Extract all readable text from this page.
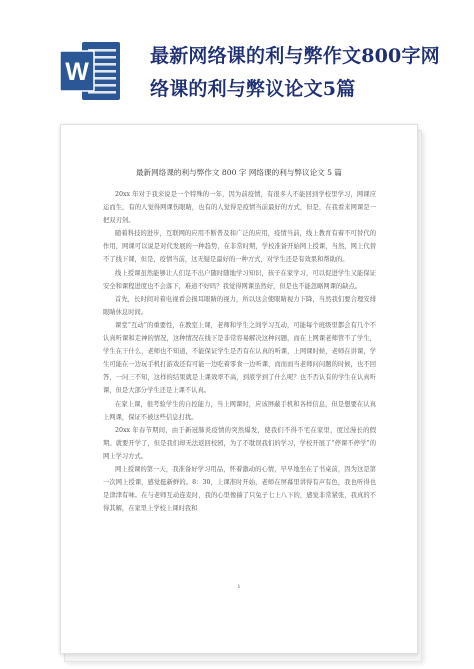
W
最新网络课的利与弊作文800字网络课的利与弊议论文5篇
最新网络课的利与弊作文 800 字 网络课的利与弊议论文 5 篇

20xx 年对于我来说是一个特殊的一年，因为前疫情，有很多人不能回到学校里学习，网课应运而生，有的人觉得网课伤眼睛，也有的人觉得是疫情当前最好的方式，但是，在我看来网课是一把双刃剑。

随着科技的进步，互联网的应用不断普及和广泛的应用，疫情当前，线上教育有着不可替代的作用，网课可以说是对代发展的一种趋势，在非常时期，学校准备开始网上授课，当然，网上代替不了线下课，但是，疫情当前，这无疑是最好的一种方式，对学生还是有效果和帮助的。

线上授课虽然能够让人们足不出户随时随地学习知识，孩子在家学习，可以促进学生又能保证安全和课程进度也不会落下，难道不好吗？我觉得网课虽然好，但是也不能忽略网课的缺点。

首先，长时间对着电视看会损耳眼睛的视力，所以这会使眼睛视力下降，当然我们要合理安排眼睛休息时间。

课堂“互动”的重要性，在教室上课，老师和学生之间学习互动，可能每个班级里都会有几个不认真听课和走神的情况，这种情况在线下是非常容易解决这种问题，而在上网课老师管不了学生，学生在干什么，老师也不知道，不能保证学生是否有在认真的听课，上网课时候，老师在讲课，学生可能在一边玩手机打游戏还有可能一边吃着零食一边听课，而而而当老师问问题的时候，也不回答，一问三不知，这样的结果就是上课效率不高，到底学到了什么呢？也不否认有的学生在认真听课，但是大部分学生还是上课不认真。

在家上课，很考验学生的自控能力，当上网课时，应该屏蔽手机和各样信息，但是想要在认真上网课，保证不被这些信息打扰。

20xx 年春节期间，由于新冠肺炎疫情的突然爆发，使我们不得不宅在家里，度过漫长的假期。就要开学了，但是我们却无法返回校园，为了不耽误我们的学习，学校开展了“停课不停学”的网上学习方式。

网上授课的第一天，我准备好学习用品，怀着激动的心情，早早地坐在了书桌前，因为这是第一次网上授课，感觉挺新鲜的。8：30，上课准时开始，老师在屏幕里讲得有声有色，我也听得也是津津有味。在与老师互动连麦时，我的心里像揣了只兔子七上八下的，感觉非常紧张，我真的不得其解，在家里上学校上课时我和

1
